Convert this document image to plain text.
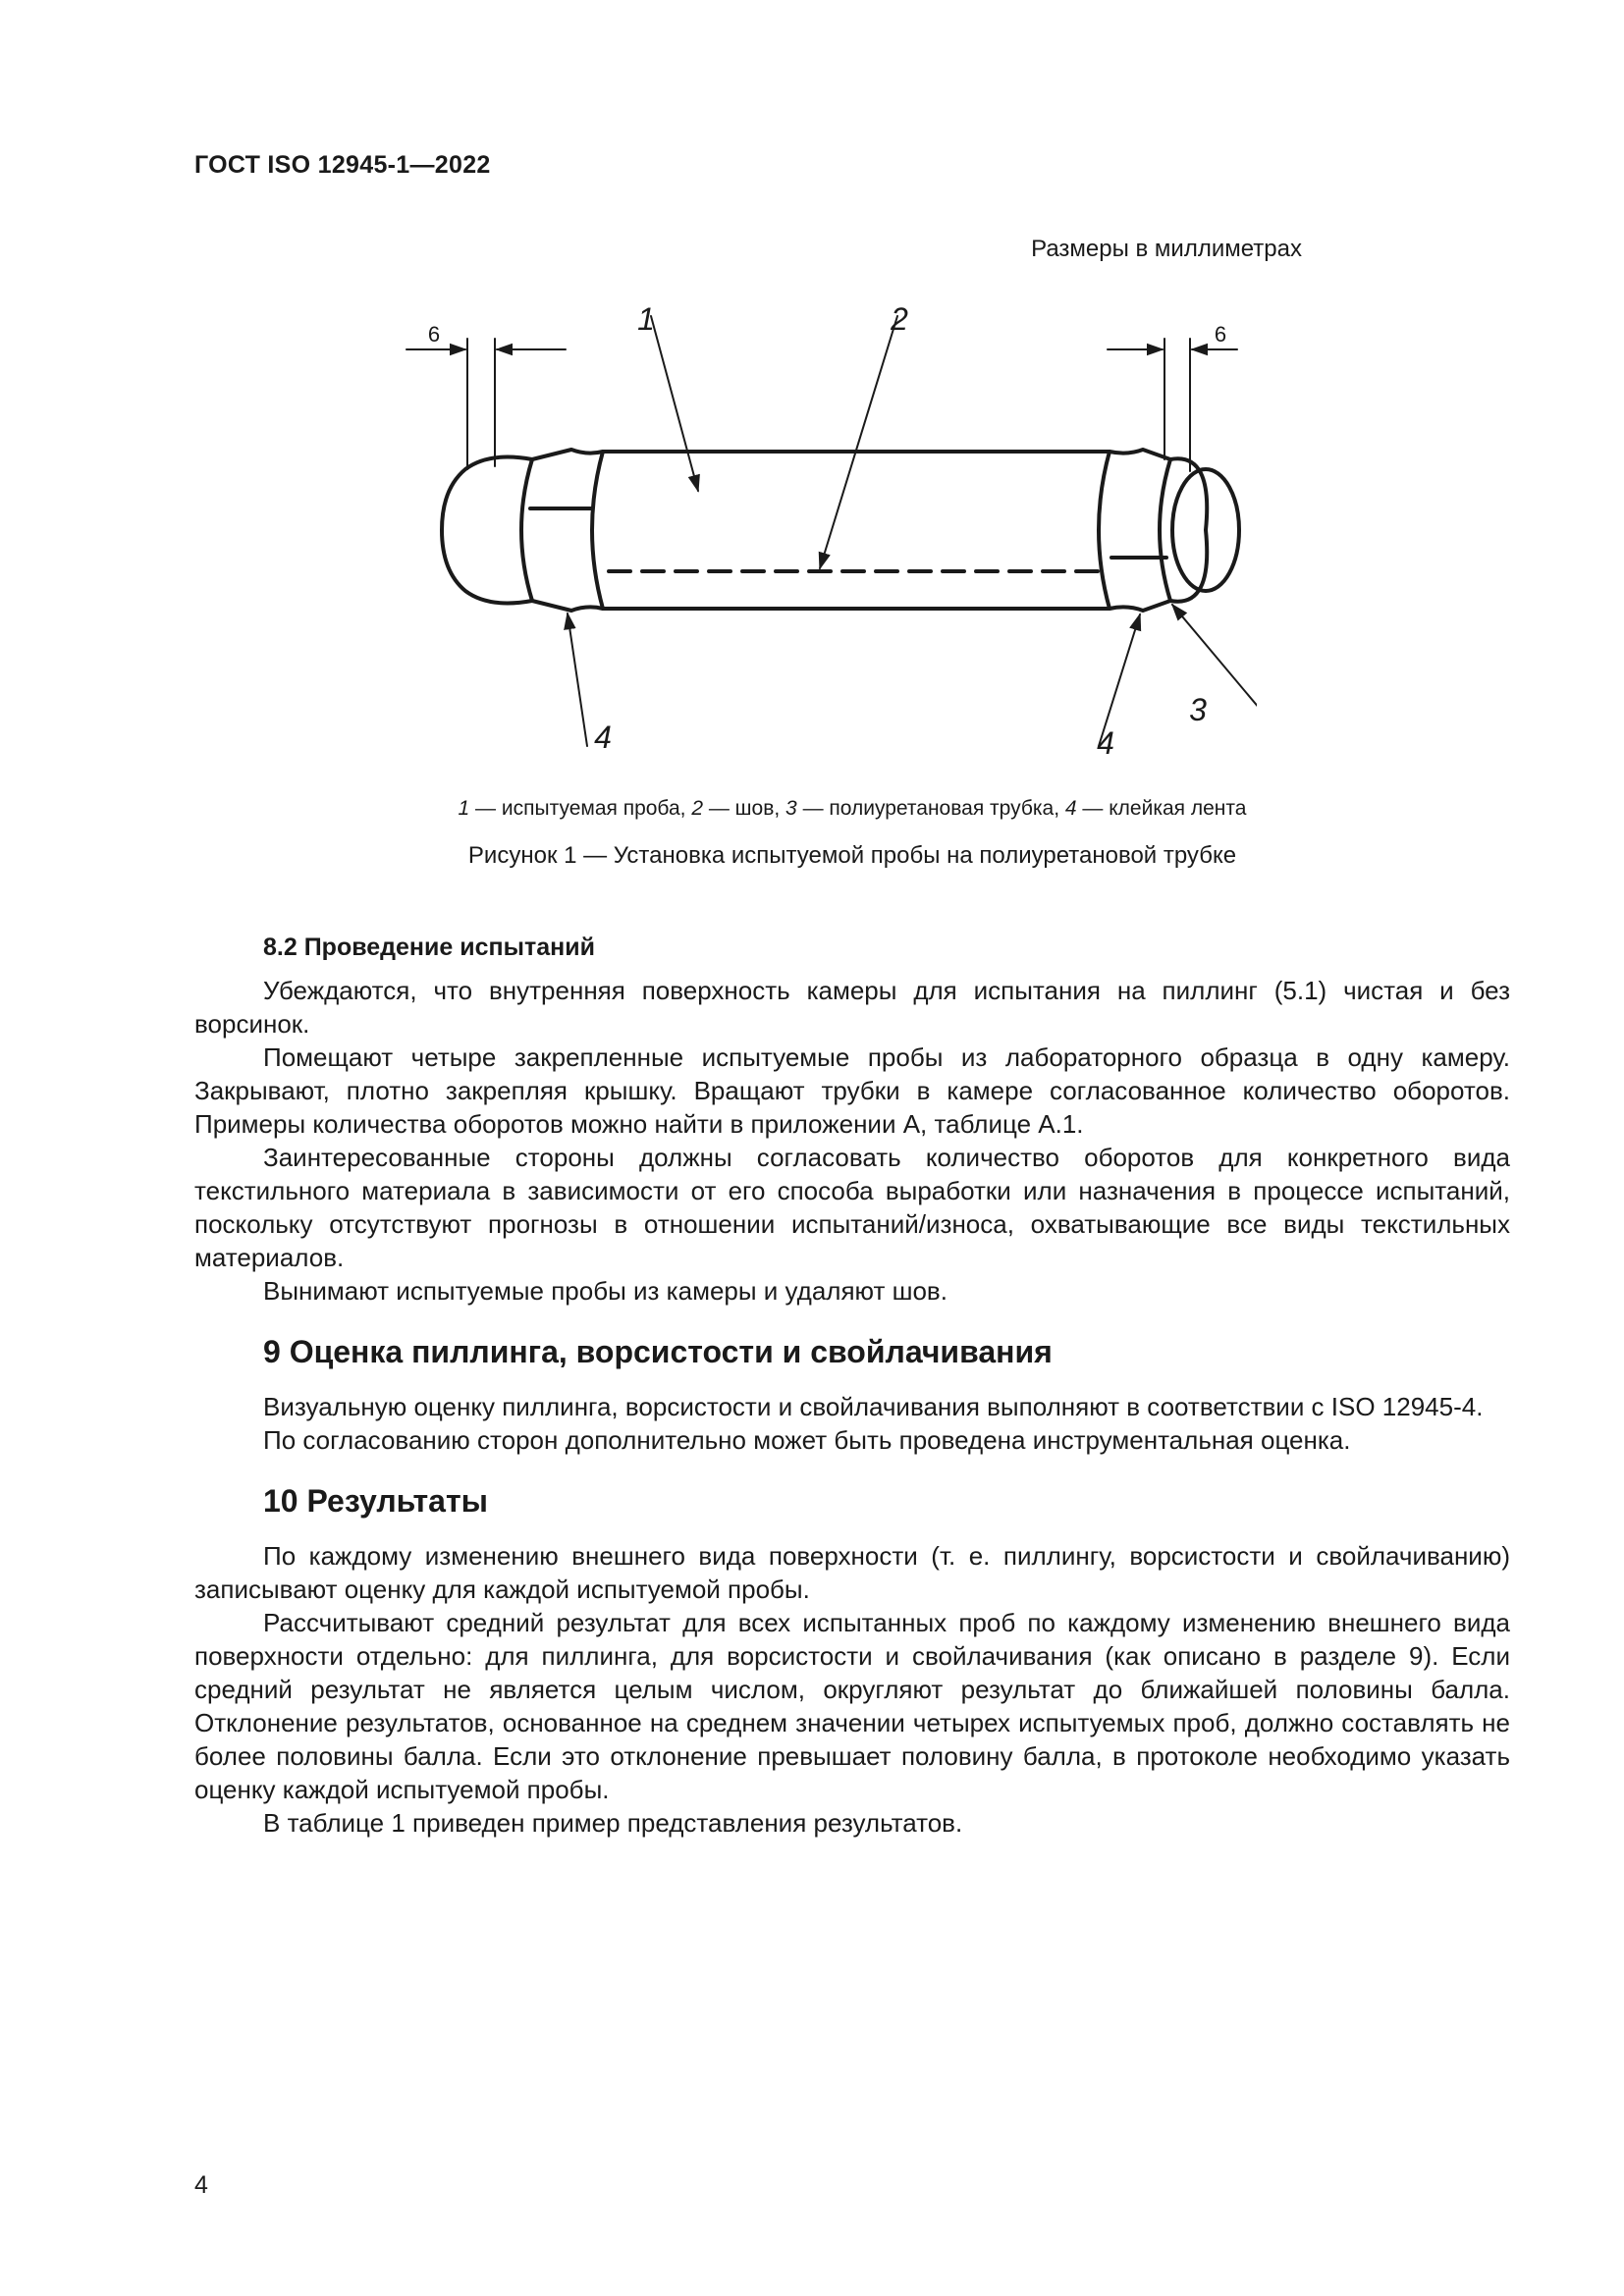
ГОСТ ISO 12945-1—2022
Размеры в миллиметрах
6	6
1	2
4	4
3
1 — испытуемая проба, 2 — шов, 3 — полиуретановая трубка, 4 — клейкая лента
Рисунок 1 — Установка испытуемой пробы на полиуретановой трубке
8.2 Проведение испытаний

Убеждаются, что внутренняя поверхность камеры для испытания на пиллинг (5.1) чистая и без ворсинок.

Помещают четыре закрепленные испытуемые пробы из лабораторного образца в одну камеру. Закрывают, плотно закрепляя крышку. Вращают трубки в камере согласованное количество оборотов. Примеры количества оборотов можно найти в приложении А, таблице А.1.

Заинтересованные стороны должны согласовать количество оборотов для конкретного вида текстильного материала в зависимости от его способа выработки или назначения в процессе испытаний, поскольку отсутствуют прогнозы в отношении испытаний/износа, охватывающие все виды текстильных материалов.

Вынимают испытуемые пробы из камеры и удаляют шов.

9 Оценка пиллинга, ворсистости и свойлачивания

Визуальную оценку пиллинга, ворсистости и свойлачивания выполняют в соответствии с ISO 12945-4.

По согласованию сторон дополнительно может быть проведена инструментальная оценка.

10 Результаты

По каждому изменению внешнего вида поверхности (т. е. пиллингу, ворсистости и свойлачиванию) записывают оценку для каждой испытуемой пробы.

Рассчитывают средний результат для всех испытанных проб по каждому изменению внешнего вида поверхности отдельно: для пиллинга, для ворсистости и свойлачивания (как описано в разделе 9). Если средний результат не является целым числом, округляют результат до ближайшей половины балла. Отклонение результатов, основанное на среднем значении четырех испытуемых проб, должно составлять не более половины балла. Если это отклонение превышает половину балла, в протоколе необходимо указать оценку каждой испытуемой пробы.

В таблице 1 приведен пример представления результатов.

4
